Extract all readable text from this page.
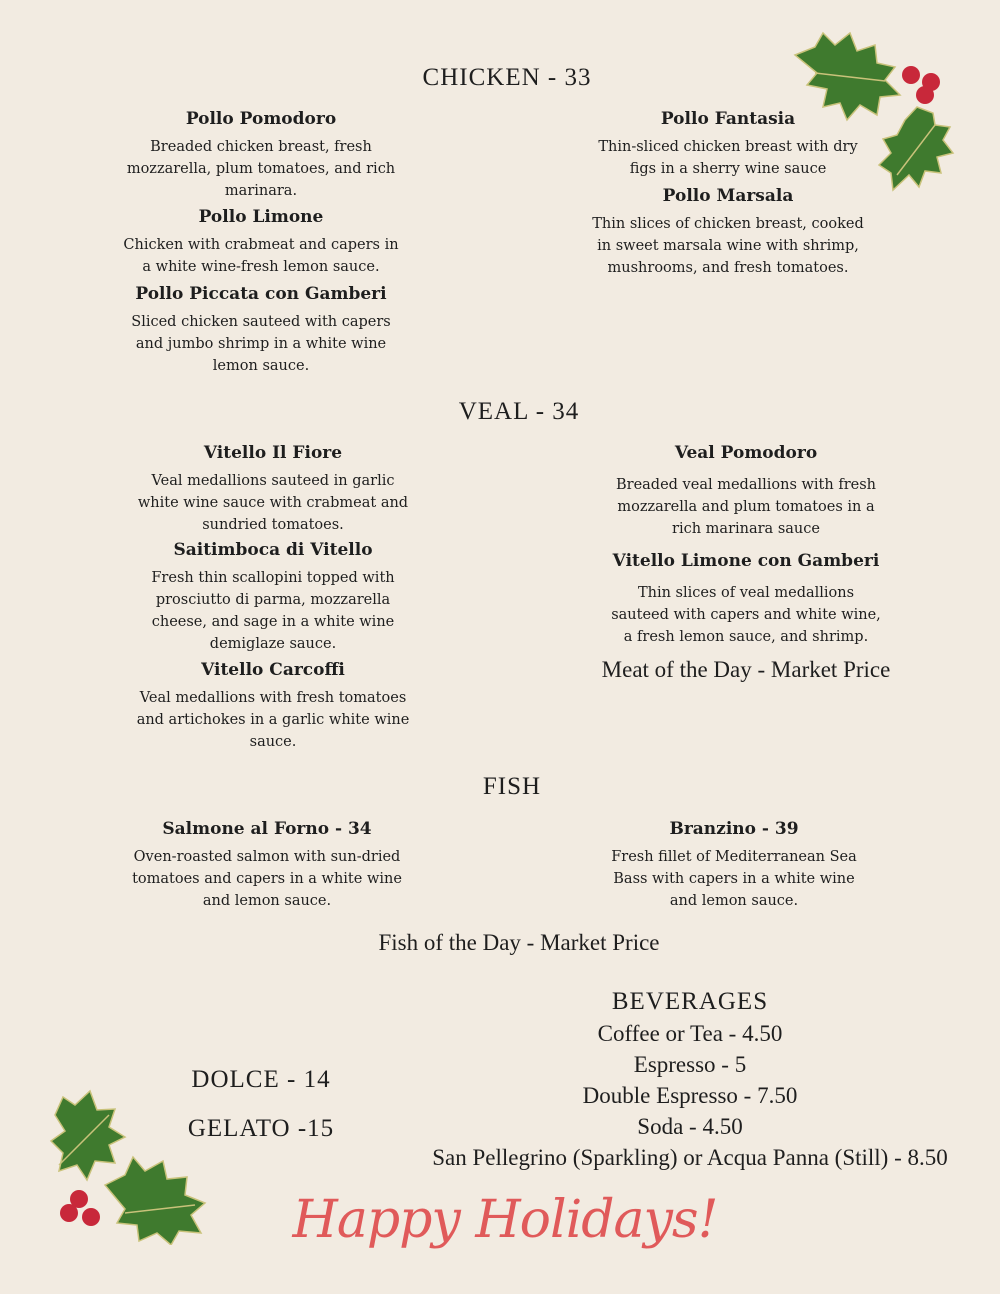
CHICKEN - 33

Pollo Pomodoro

Breaded chicken breast, fresh mozzarella, plum tomatoes, and rich marinara.

Pollo Limone

Chicken with crabmeat and capers in a white wine-fresh lemon sauce.

Pollo Piccata con Gamberi

Sliced chicken sauteed with capers and jumbo shrimp in a white wine lemon sauce.

Pollo Fantasia

Thin-sliced chicken breast with dry figs in a sherry wine sauce

Pollo Marsala

Thin slices of chicken breast, cooked in sweet marsala wine with shrimp, mushrooms, and fresh tomatoes.

VEAL - 34

Vitello Il Fiore

Veal medallions sauteed in garlic white wine sauce with crabmeat and sundried tomatoes.

Saitimboca di Vitello

Fresh thin scallopini topped with prosciutto di parma, mozzarella cheese, and sage in a white wine demiglaze sauce.

Vitello Carcoffi

Veal medallions with fresh tomatoes and artichokes in a garlic white wine sauce.

Veal Pomodoro

Breaded veal medallions with fresh mozzarella and plum tomatoes in a rich marinara sauce

Vitello Limone con Gamberi

Thin slices of veal medallions sauteed with capers and white wine, a fresh lemon sauce, and shrimp.

Meat of the Day - Market Price

FISH

Salmone al Forno - 34

Oven-roasted salmon with sun-dried tomatoes and capers in a white wine and lemon sauce.

Branzino - 39

Fresh fillet of Mediterranean Sea Bass with capers in a white wine and lemon sauce.

Fish of the Day - Market Price

DOLCE - 14
GELATO -15
BEVERAGES

Coffee or Tea - 4.50

Espresso - 5

Double Espresso - 7.50

Soda - 4.50

San Pellegrino (Sparkling) or Acqua Panna (Still) - 8.50

Happy Holidays!
